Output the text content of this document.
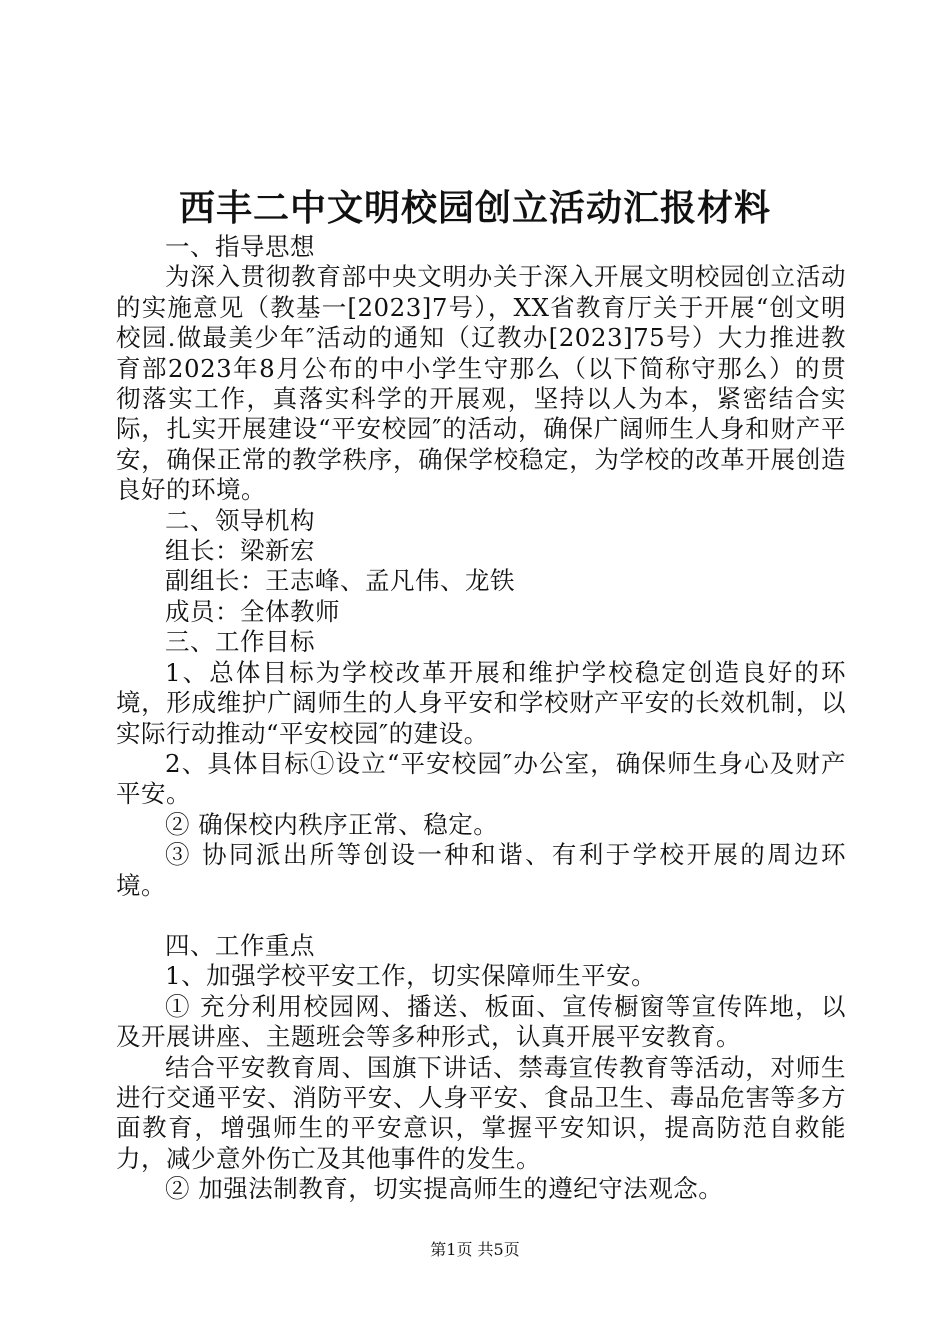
西丰二中文明校园创立活动汇报材料

一、指导思想

为深入贯彻教育部中央文明办关于深入开展文明校园创立活动的实施意见（教基一[2023]7号），XX省教育厅关于开展“创文明校园.做最美少年″活动的通知（辽教办[2023]75号）大力推进教育部2023年8月公布的中小学生守那么（以下简称守那么）的贯彻落实工作，真落实科学的开展观，坚持以人为本，紧密结合实际，扎实开展建设“平安校园″的活动，确保广阔师生人身和财产平安，确保正常的教学秩序，确保学校稳定，为学校的改革开展创造良好的环境。

二、领导机构

组长：梁新宏

副组长：王志峰、孟凡伟、龙铁

成员：全体教师

三、工作目标

1、总体目标为学校改革开展和维护学校稳定创造良好的环境，形成维护广阔师生的人身平安和学校财产平安的长效机制，以实际行动推动“平安校园″的建设。

2、具体目标①设立“平安校园″办公室，确保师生身心及财产平安。

② 确保校内秩序正常、稳定。

③ 协同派出所等创设一种和谐、有利于学校开展的周边环境。

四、工作重点

1、加强学校平安工作，切实保障师生平安。

① 充分利用校园网、播送、板面、宣传橱窗等宣传阵地，以及开展讲座、主题班会等多种形式，认真开展平安教育。

结合平安教育周、国旗下讲话、禁毒宣传教育等活动，对师生进行交通平安、消防平安、人身平安、食品卫生、毒品危害等多方面教育，增强师生的平安意识，掌握平安知识，提高防范自救能力，减少意外伤亡及其他事件的发生。

② 加强法制教育，切实提高师生的遵纪守法观念。

第1页 共5页
